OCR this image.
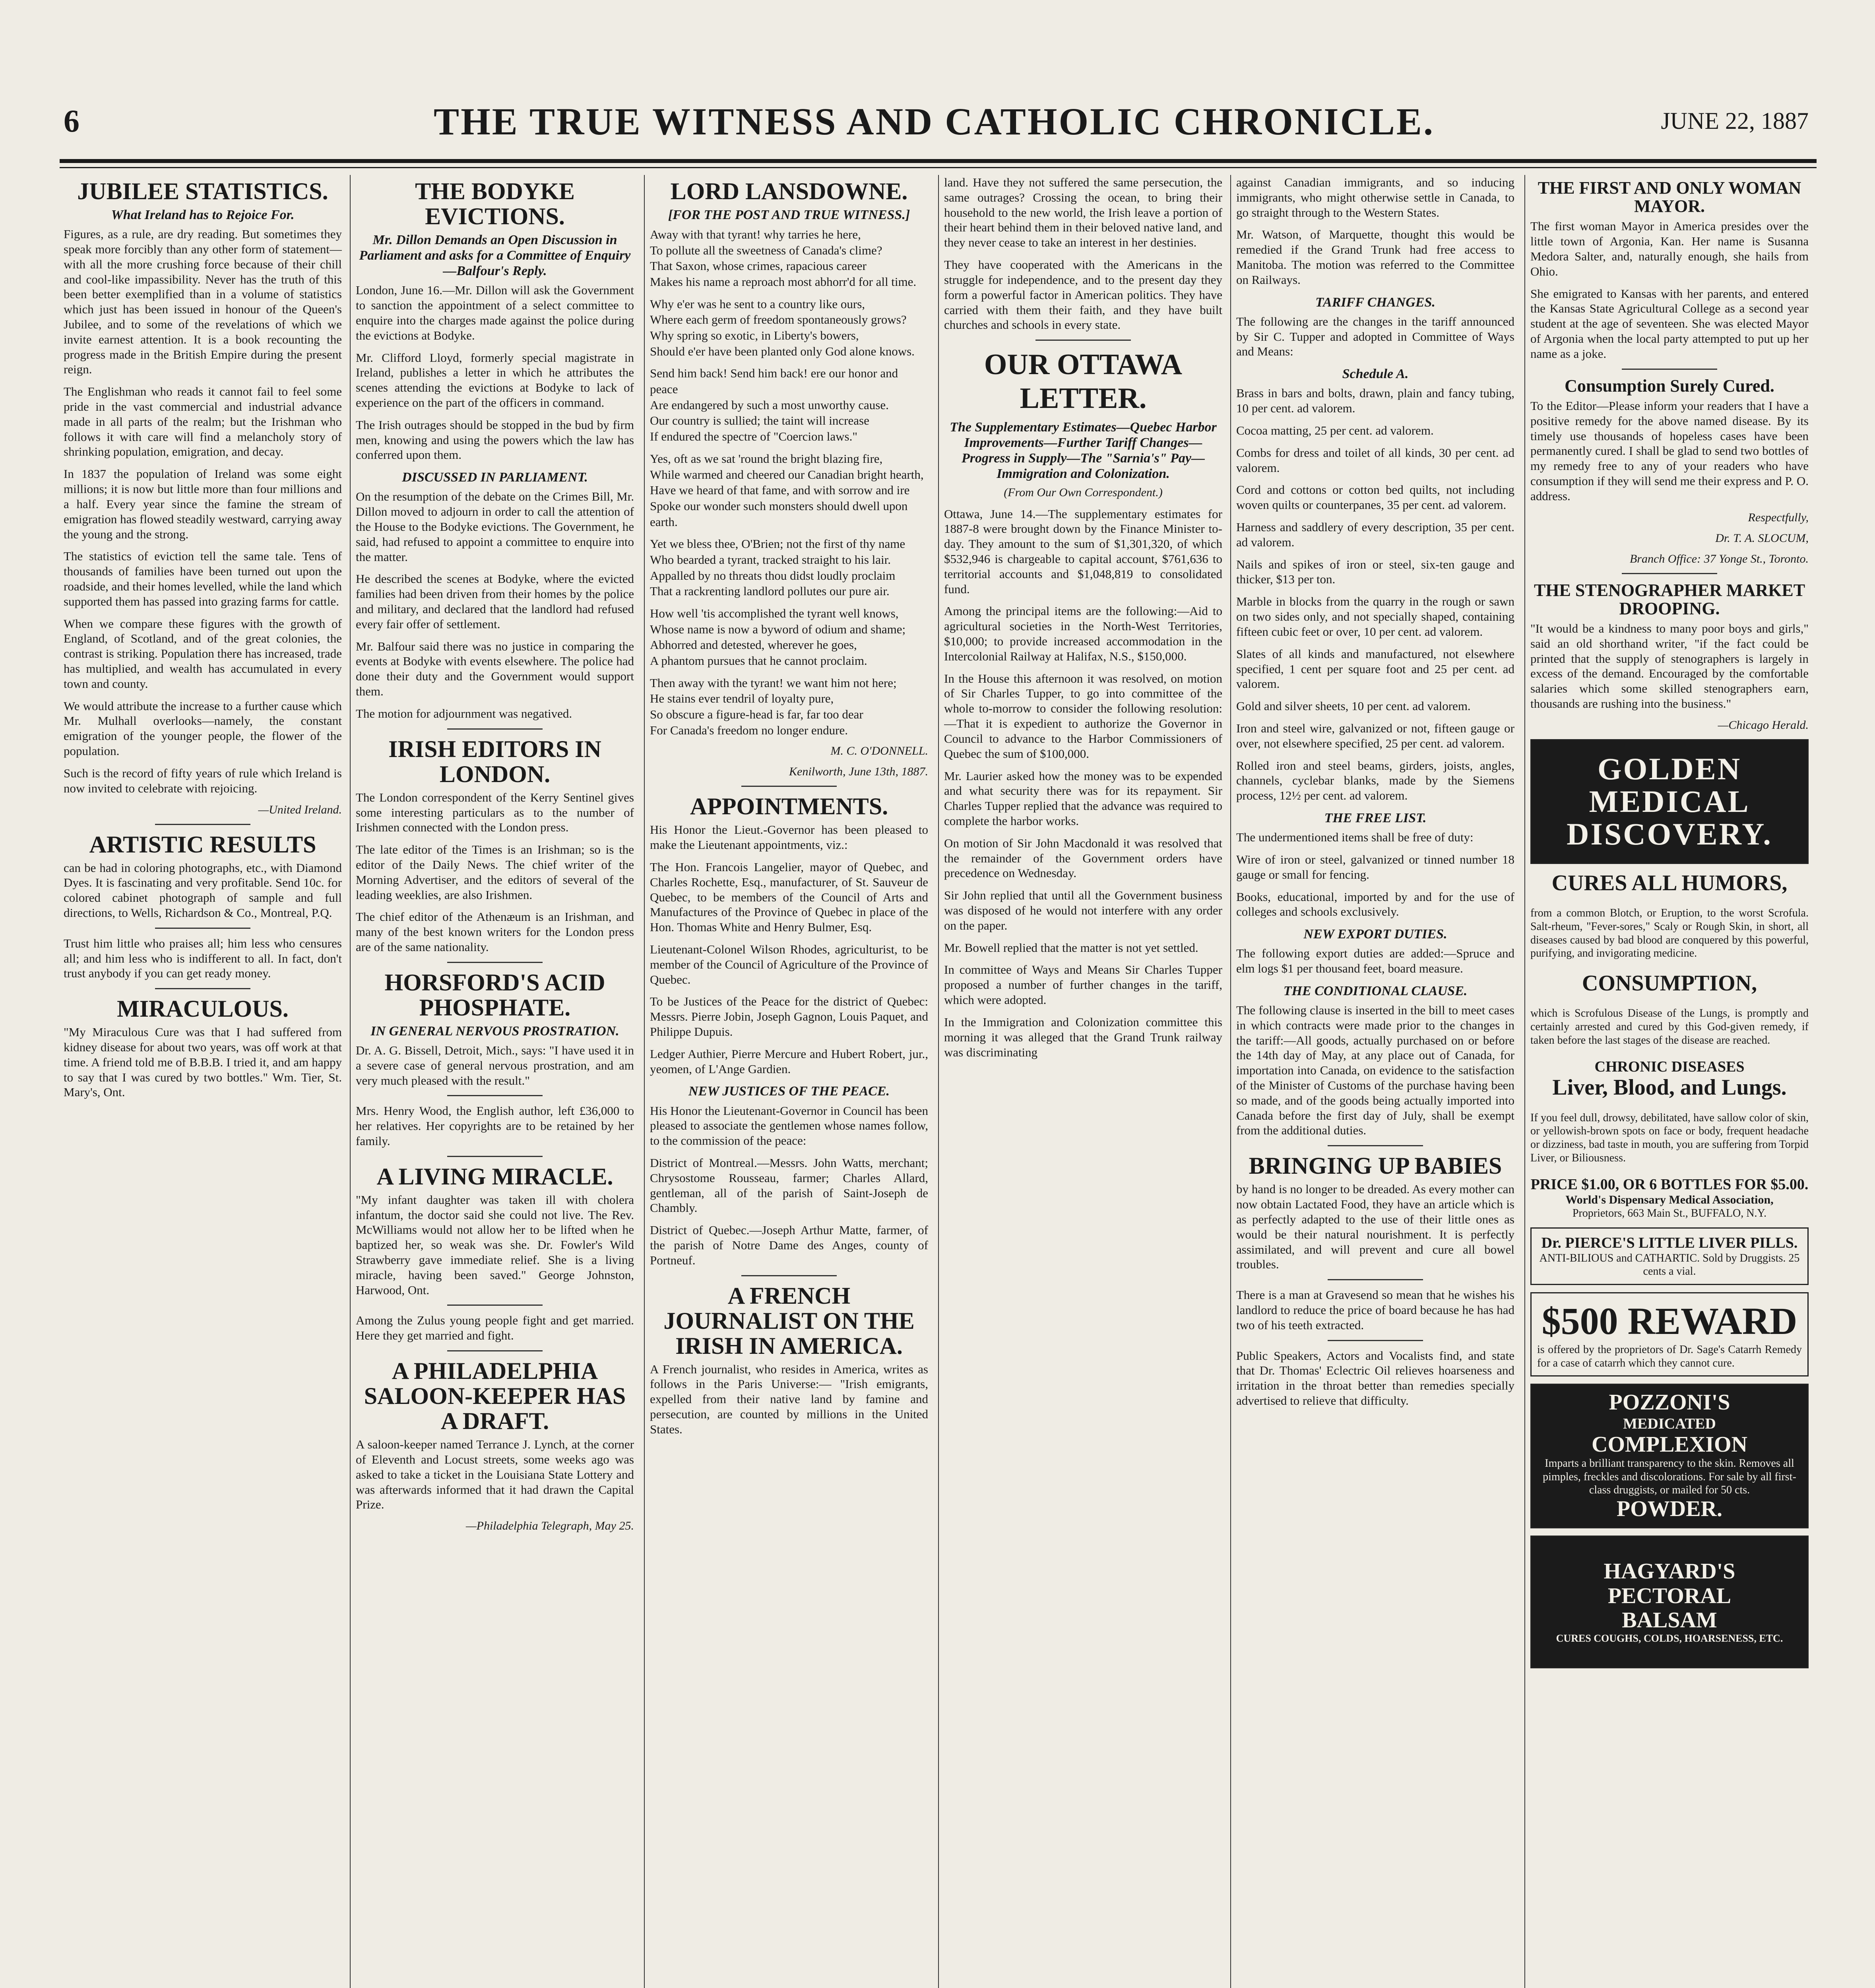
6	THE TRUE WITNESS AND CATHOLIC CHRONICLE.	JUNE 22, 1887
JUBILEE STATISTICS.
What Ireland has to Rejoice For.

Figures, as a rule, are dry reading. But sometimes they speak more forcibly than any other form of statement—with all the more crushing force because of their chill and cool-like impassibility. Never has the truth of this been better exemplified than in a volume of statistics which just has been issued in honour of the Queen's Jubilee, and to some of the revelations of which we invite earnest attention. It is a book recounting the progress made in the British Empire during the present reign.

The Englishman who reads it cannot fail to feel some pride in the vast commercial and industrial advance made in all parts of the realm; but the Irishman who follows it with care will find a melancholy story of shrinking population, emigration, and decay.

In 1837 the population of Ireland was some eight millions; it is now but little more than four millions and a half. Every year since the famine the stream of emigration has flowed steadily westward, carrying away the young and the strong.

The statistics of eviction tell the same tale. Tens of thousands of families have been turned out upon the roadside, and their homes levelled, while the land which supported them has passed into grazing farms for cattle.

When we compare these figures with the growth of England, of Scotland, and of the great colonies, the contrast is striking. Population there has increased, trade has multiplied, and wealth has accumulated in every town and county.

We would attribute the increase to a further cause which Mr. Mulhall overlooks—namely, the constant emigration of the younger people, the flower of the population.

Such is the record of fifty years of rule which Ireland is now invited to celebrate with rejoicing.

—United Ireland.
ARTISTIC RESULTS

can be had in coloring photographs, etc., with Diamond Dyes. It is fascinating and very profitable. Send 10c. for colored cabinet photograph of sample and full directions, to Wells, Richardson & Co., Montreal, P.Q.

Trust him little who praises all; him less who censures all; and him less who is indifferent to all. In fact, don't trust anybody if you can get ready money.

MIRACULOUS.

"My Miraculous Cure was that I had suffered from kidney disease for about two years, was off work at that time. A friend told me of B.B.B. I tried it, and am happy to say that I was cured by two bottles." Wm. Tier, St. Mary's, Ont.

THE BODYKE EVICTIONS.
Mr. Dillon Demands an Open Discussion in Parliament and asks for a Committee of Enquiry—Balfour's Reply.

London, June 16.—Mr. Dillon will ask the Government to sanction the appointment of a select committee to enquire into the charges made against the police during the evictions at Bodyke.

Mr. Clifford Lloyd, formerly special magistrate in Ireland, publishes a letter in which he attributes the scenes attending the evictions at Bodyke to lack of experience on the part of the officers in command.

The Irish outrages should be stopped in the bud by firm men, knowing and using the powers which the law has conferred upon them.

DISCUSSED IN PARLIAMENT.

On the resumption of the debate on the Crimes Bill, Mr. Dillon moved to adjourn in order to call the attention of the House to the Bodyke evictions. The Government, he said, had refused to appoint a committee to enquire into the matter.

He described the scenes at Bodyke, where the evicted families had been driven from their homes by the police and military, and declared that the landlord had refused every fair offer of settlement.

Mr. Balfour said there was no justice in comparing the events at Bodyke with events elsewhere. The police had done their duty and the Government would support them.

The motion for adjournment was negatived.

IRISH EDITORS IN LONDON.

The London correspondent of the Kerry Sentinel gives some interesting particulars as to the number of Irishmen connected with the London press.

The late editor of the Times is an Irishman; so is the editor of the Daily News. The chief writer of the Morning Advertiser, and the editors of several of the leading weeklies, are also Irishmen.

The chief editor of the Athenæum is an Irishman, and many of the best known writers for the London press are of the same nationality.

HORSFORD'S ACID PHOSPHATE.
IN GENERAL NERVOUS PROSTRATION.

Dr. A. G. Bissell, Detroit, Mich., says: "I have used it in a severe case of general nervous prostration, and am very much pleased with the result."

Mrs. Henry Wood, the English author, left £36,000 to her relatives. Her copyrights are to be retained by her family.

A LIVING MIRACLE.

"My infant daughter was taken ill with cholera infantum, the doctor said she could not live. The Rev. McWilliams would not allow her to be lifted when he baptized her, so weak was she. Dr. Fowler's Wild Strawberry gave immediate relief. She is a living miracle, having been saved." George Johnston, Harwood, Ont.

Among the Zulus young people fight and get married. Here they get married and fight.

A PHILADELPHIA SALOON-KEEPER HAS A DRAFT.

A saloon-keeper named Terrance J. Lynch, at the corner of Eleventh and Locust streets, some weeks ago was asked to take a ticket in the Louisiana State Lottery and was afterwards informed that it had drawn the Capital Prize.

—Philadelphia Telegraph, May 25.
LORD LANSDOWNE.
[FOR THE POST AND TRUE WITNESS.]

Away with that tyrant! why tarries he here,
To pollute all the sweetness of Canada's clime?
That Saxon, whose crimes, rapacious career
Makes his name a reproach most abhorr'd for all time.

Why e'er was he sent to a country like ours,
Where each germ of freedom spontaneously grows?
Why spring so exotic, in Liberty's bowers,
Should e'er have been planted only God alone knows.

Send him back! Send him back! ere our honor and peace
Are endangered by such a most unworthy cause.
Our country is sullied; the taint will increase
If endured the spectre of "Coercion laws."

Yes, oft as we sat 'round the bright blazing fire,
While warmed and cheered our Canadian bright hearth,
Have we heard of that fame, and with sorrow and ire
Spoke our wonder such monsters should dwell upon earth.

Yet we bless thee, O'Brien; not the first of thy name
Who bearded a tyrant, tracked straight to his lair.
Appalled by no threats thou didst loudly proclaim
That a rackrenting landlord pollutes our pure air.

How well 'tis accomplished the tyrant well knows,
Whose name is now a byword of odium and shame;
Abhorred and detested, wherever he goes,
A phantom pursues that he cannot proclaim.

Then away with the tyrant! we want him not here;
He stains ever tendril of loyalty pure,
So obscure a figure-head is far, far too dear
For Canada's freedom no longer endure.

M. C. O'DONNELL.
Kenilworth, June 13th, 1887.
APPOINTMENTS.

His Honor the Lieut.-Governor has been pleased to make the Lieutenant appointments, viz.:

The Hon. Francois Langelier, mayor of Quebec, and Charles Rochette, Esq., manufacturer, of St. Sauveur de Quebec, to be members of the Council of Arts and Manufactures of the Province of Quebec in place of the Hon. Thomas White and Henry Bulmer, Esq.

Lieutenant-Colonel Wilson Rhodes, agriculturist, to be member of the Council of Agriculture of the Province of Quebec.

To be Justices of the Peace for the district of Quebec: Messrs. Pierre Jobin, Joseph Gagnon, Louis Paquet, and Philippe Dupuis.

Ledger Authier, Pierre Mercure and Hubert Robert, jur., yeomen, of L'Ange Gardien.

NEW JUSTICES OF THE PEACE.

His Honor the Lieutenant-Governor in Council has been pleased to associate the gentlemen whose names follow, to the commission of the peace:

District of Montreal.—Messrs. John Watts, merchant; Chrysostome Rousseau, farmer; Charles Allard, gentleman, all of the parish of Saint-Joseph de Chambly.

District of Quebec.—Joseph Arthur Matte, farmer, of the parish of Notre Dame des Anges, county of Portneuf.

A FRENCH JOURNALIST ON THE IRISH IN AMERICA.

A French journalist, who resides in America, writes as follows in the Paris Universe:— "Irish emigrants, expelled from their native land by famine and persecution, are counted by millions in the United States.

land. Have they not suffered the same persecution, the same outrages? Crossing the ocean, to bring their household to the new world, the Irish leave a portion of their heart behind them in their beloved native land, and they never cease to take an interest in her destinies.

They have cooperated with the Americans in the struggle for independence, and to the present day they form a powerful factor in American politics. They have carried with them their faith, and they have built churches and schools in every state.

OUR OTTAWA LETTER.
The Supplementary Estimates—Quebec Harbor Improvements—Further Tariff Changes—Progress in Supply—The "Sarnia's" Pay—Immigration and Colonization.
(From Our Own Correspondent.)

Ottawa, June 14.—The supplementary estimates for 1887-8 were brought down by the Finance Minister to-day. They amount to the sum of $1,301,320, of which $532,946 is chargeable to capital account, $761,636 to territorial accounts and $1,048,819 to consolidated fund.

Among the principal items are the following:—Aid to agricultural societies in the North-West Territories, $10,000; to provide increased accommodation in the Intercolonial Railway at Halifax, N.S., $150,000.

In the House this afternoon it was resolved, on motion of Sir Charles Tupper, to go into committee of the whole to-morrow to consider the following resolution:—That it is expedient to authorize the Governor in Council to advance to the Harbor Commissioners of Quebec the sum of $100,000.

Mr. Laurier asked how the money was to be expended and what security there was for its repayment. Sir Charles Tupper replied that the advance was required to complete the harbor works.

On motion of Sir John Macdonald it was resolved that the remainder of the Government orders have precedence on Wednesday.

Sir John replied that until all the Government business was disposed of he would not interfere with any order on the paper.

Mr. Bowell replied that the matter is not yet settled.

In committee of Ways and Means Sir Charles Tupper proposed a number of further changes in the tariff, which were adopted.

In the Immigration and Colonization committee this morning it was alleged that the Grand Trunk railway was discriminating

against Canadian immigrants, and so inducing immigrants, who might otherwise settle in Canada, to go straight through to the Western States.

Mr. Watson, of Marquette, thought this would be remedied if the Grand Trunk had free access to Manitoba. The motion was referred to the Committee on Railways.

TARIFF CHANGES.

The following are the changes in the tariff announced by Sir C. Tupper and adopted in Committee of Ways and Means:

Schedule A.

Brass in bars and bolts, drawn, plain and fancy tubing, 10 per cent. ad valorem.

Cocoa matting, 25 per cent. ad valorem.

Combs for dress and toilet of all kinds, 30 per cent. ad valorem.

Cord and cottons or cotton bed quilts, not including woven quilts or counterpanes, 35 per cent. ad valorem.

Harness and saddlery of every description, 35 per cent. ad valorem.

Nails and spikes of iron or steel, six-ten gauge and thicker, $13 per ton.

Marble in blocks from the quarry in the rough or sawn on two sides only, and not specially shaped, containing fifteen cubic feet or over, 10 per cent. ad valorem.

Slates of all kinds and manufactured, not elsewhere specified, 1 cent per square foot and 25 per cent. ad valorem.

Gold and silver sheets, 10 per cent. ad valorem.

Iron and steel wire, galvanized or not, fifteen gauge or over, not elsewhere specified, 25 per cent. ad valorem.

Rolled iron and steel beams, girders, joists, angles, channels, cyclebar blanks, made by the Siemens process, 12½ per cent. ad valorem.

THE FREE LIST.

The undermentioned items shall be free of duty:

Wire of iron or steel, galvanized or tinned number 18 gauge or small for fencing.

Books, educational, imported by and for the use of colleges and schools exclusively.

NEW EXPORT DUTIES.

The following export duties are added:—Spruce and elm logs $1 per thousand feet, board measure.

THE CONDITIONAL CLAUSE.

The following clause is inserted in the bill to meet cases in which contracts were made prior to the changes in the tariff:—All goods, actually purchased on or before the 14th day of May, at any place out of Canada, for importation into Canada, on evidence to the satisfaction of the Minister of Customs of the purchase having been so made, and of the goods being actually imported into Canada before the first day of July, shall be exempt from the additional duties.

BRINGING UP BABIES

by hand is no longer to be dreaded. As every mother can now obtain Lactated Food, they have an article which is as perfectly adapted to the use of their little ones as would be their natural nourishment. It is perfectly assimilated, and will prevent and cure all bowel troubles.

There is a man at Gravesend so mean that he wishes his landlord to reduce the price of board because he has had two of his teeth extracted.

Public Speakers, Actors and Vocalists find, and state that Dr. Thomas' Eclectric Oil relieves hoarseness and irritation in the throat better than remedies specially advertised to relieve that difficulty.

THE FIRST AND ONLY WOMAN MAYOR.

The first woman Mayor in America presides over the little town of Argonia, Kan. Her name is Susanna Medora Salter, and, naturally enough, she hails from Ohio.

She emigrated to Kansas with her parents, and entered the Kansas State Agricultural College as a second year student at the age of seventeen. She was elected Mayor of Argonia when the local party attempted to put up her name as a joke.

Consumption Surely Cured.

To the Editor—Please inform your readers that I have a positive remedy for the above named disease. By its timely use thousands of hopeless cases have been permanently cured. I shall be glad to send two bottles of my remedy free to any of your readers who have consumption if they will send me their express and P. O. address.

Respectfully,
Dr. T. A. SLOCUM,
Branch Office: 37 Yonge St., Toronto.
THE STENOGRAPHER MARKET DROOPING.

"It would be a kindness to many poor boys and girls," said an old shorthand writer, "if the fact could be printed that the supply of stenographers is largely in excess of the demand. Encouraged by the comfortable salaries which some skilled stenographers earn, thousands are rushing into the business."

—Chicago Herald.
GOLDEN
MEDICAL
DISCOVERY.
CURES ALL HUMORS,

from a common Blotch, or Eruption, to the worst Scrofula. Salt-rheum, "Fever-sores," Scaly or Rough Skin, in short, all diseases caused by bad blood are conquered by this powerful, purifying, and invigorating medicine.

CONSUMPTION,

which is Scrofulous Disease of the Lungs, is promptly and certainly arrested and cured by this God-given remedy, if taken before the last stages of the disease are reached.

CHRONIC DISEASES
Liver, Blood, and Lungs.

If you feel dull, drowsy, debilitated, have sallow color of skin, or yellowish-brown spots on face or body, frequent headache or dizziness, bad taste in mouth, you are suffering from Torpid Liver, or Biliousness.

PRICE $1.00, OR 6 BOTTLES FOR $5.00.
World's Dispensary Medical Association,
Proprietors, 663 Main St., BUFFALO, N.Y.
Dr. PIERCE'S LITTLE LIVER PILLS.
ANTI-BILIOUS and CATHARTIC. Sold by Druggists. 25 cents a vial.
$500 REWARD
is offered by the proprietors of Dr. Sage's Catarrh Remedy for a case of catarrh which they cannot cure.
POZZONI'S
MEDICATED
COMPLEXION
Imparts a brilliant transparency to the skin. Removes all pimples, freckles and discolorations. For sale by all first-class druggists, or mailed for 50 cts.
POWDER.
HAGYARD'S
PECTORAL
BALSAM
CURES COUGHS, COLDS, HOARSENESS, ETC.
